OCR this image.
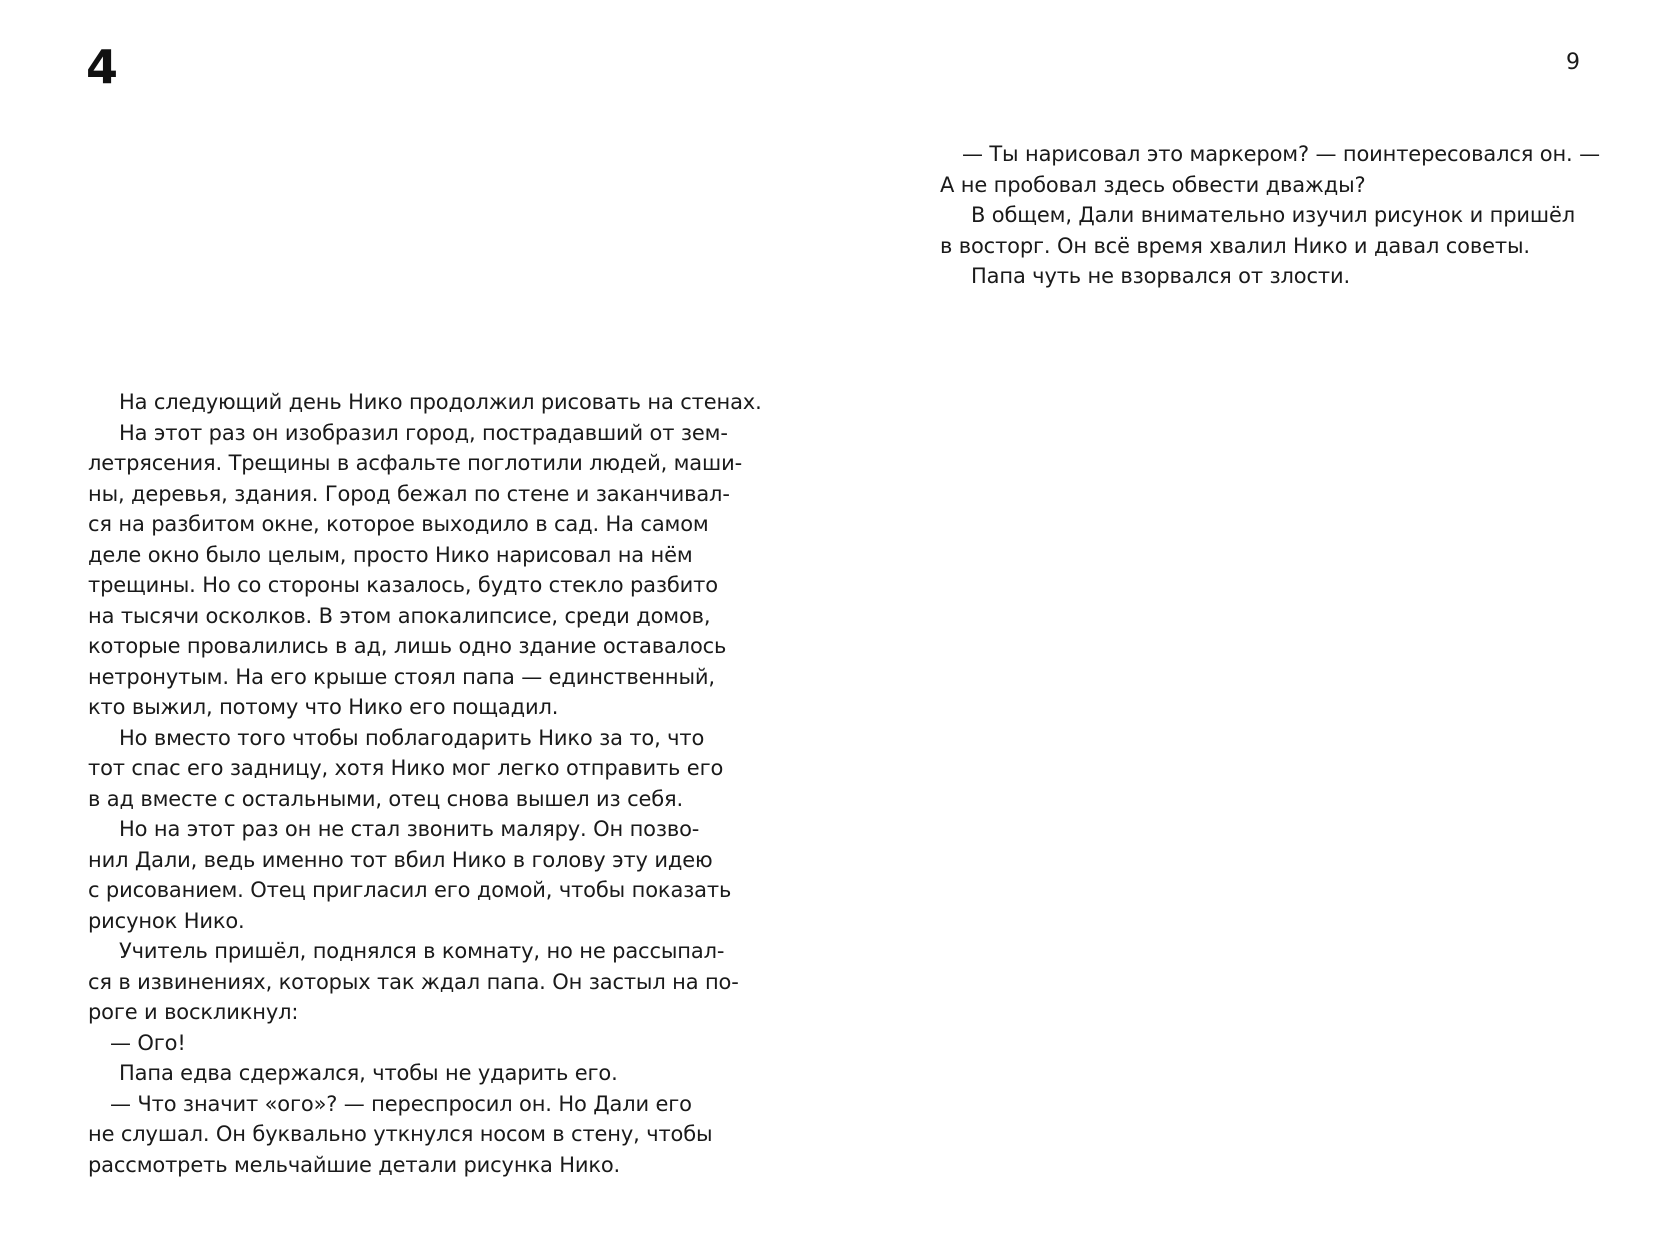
4	9
На следующий день Нико продолжил рисовать на стенах.
На этот раз он изобразил город, пострадавший от зем-
летрясения. Трещины в асфальте поглотили людей, маши-
ны, деревья, здания. Город бежал по стене и заканчивал-
ся на разбитом окне, которое выходило в сад. На самом
деле окно было целым, просто Нико нарисовал на нём
трещины. Но со стороны казалось, будто стекло разбито
на тысячи осколков. В этом апокалипсисе, среди домов,
которые провалились в ад, лишь одно здание оставалось
нетронутым. На его крыше стоял папа — единственный,
кто выжил, потому что Нико его пощадил.
Но вместо того чтобы поблагодарить Нико за то, что
тот спас его задницу, хотя Нико мог легко отправить его
в ад вместе с остальными, отец снова вышел из себя.
Но на этот раз он не стал звонить маляру. Он позво-
нил Дали, ведь именно тот вбил Нико в голову эту идею
с рисованием. Отец пригласил его домой, чтобы показать
рисунок Нико.
Учитель пришёл, поднялся в комнату, но не рассыпал-
ся в извинениях, которых так ждал папа. Он застыл на по-
роге и воскликнул:
— Ого!
Папа едва сдержался, чтобы не ударить его.
— Что значит «ого»? — переспросил он. Но Дали его
не слушал. Он буквально уткнулся носом в стену, чтобы
рассмотреть мельчайшие детали рисунка Нико.
— Ты нарисовал это маркером? — поинтересовался он. —
А не пробовал здесь обвести дважды?
В общем, Дали внимательно изучил рисунок и пришёл
в восторг. Он всё время хвалил Нико и давал советы.
Папа чуть не взорвался от злости.
